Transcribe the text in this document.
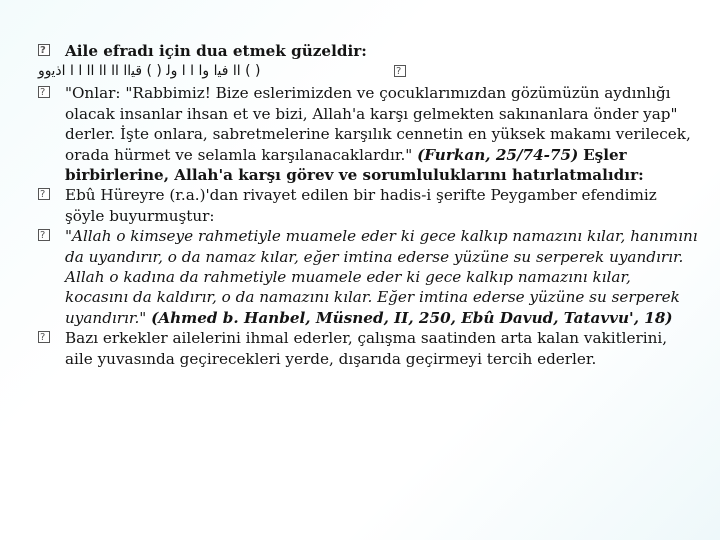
?
Aile efradı için dua etmek güzeldir:

( ) ﺍﺍ ﻓﻴﺍ ﻭﺍ ﺍ ﺍ ﻭﻟ ( ) ﻗﻴﺍﺍ ﺍﺍ ﺍﺍ ﺍﺍ ﺍ ﺍ ﺍﺫﻳﻭﻭ
?

?
"Onlar: "Rabbimiz! Bize eslerimizden ve çocuklarımızdan gözümüzün aydınlığı olacak insanlar ihsan et ve bizi, Allah'a karşı gelmekten sakınanlara önder yap" derler. İşte onlara, sabretmelerine karşılık cennetin en yüksek makamı verilecek, orada hürmet ve selamla karşılanacaklardır." (Furkan, 25/74-75) Eşler birbirlerine, Allah'a karşı görev ve sorumluluklarını hatırlatmalıdır:

?
Ebû Hüreyre (r.a.)'dan rivayet edilen bir hadis-i şerifte Peygamber efendimiz şöyle buyurmuştur:

?
"Allah o kimseye rahmetiyle muamele eder ki gece kalkıp namazını kılar, hanımını da uyandırır, o da namaz kılar, eğer imtina ederse yüzüne su serperek uyandırır. Allah o kadına da rahmetiyle muamele eder ki gece kalkıp namazını kılar, kocasını da kaldırır, o da namazını kılar. Eğer imtina ederse yüzüne su serperek uyandırır." (Ahmed b. Hanbel, Müsned, II, 250, Ebû Davud, Tatavvu', 18)

?
Bazı erkekler ailelerini ihmal ederler, çalışma saatinden arta kalan vakitlerini, aile yuvasında geçirecekleri yerde, dışarıda geçirmeyi tercih ederler.
